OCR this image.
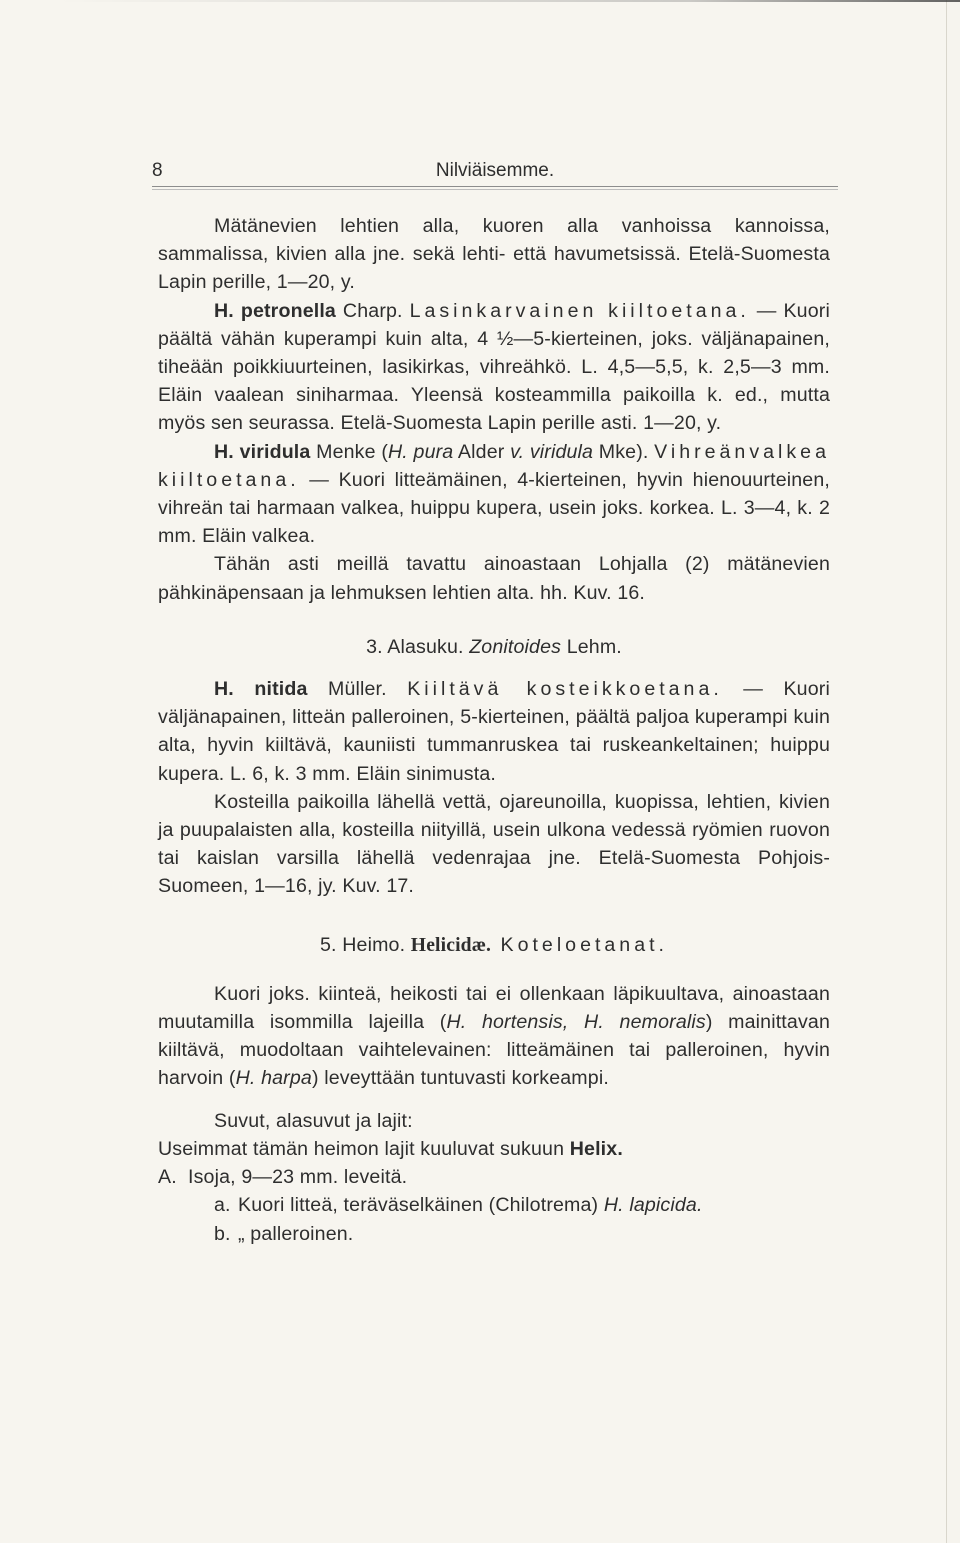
8	Nilviäisemme.

Mätänevien lehtien alla, kuoren alla vanhoissa kannoissa, sammalissa, kivien alla jne. sekä lehti- että havumetsissä. Etelä-Suomesta Lapin perille, 1—20, y.

H. petronella Charp. Lasinkarvainen kiiltoetana. — Kuori päältä vähän kuperampi kuin alta, 4 ½—5-kierteinen, joks. väljänapainen, tiheään poikkiuurteinen, lasikirkas, vihreähkö. L. 4,5—5,5, k. 2,5—3 mm. Eläin vaalean siniharmaa. Yleensä kosteammilla paikoilla k. ed., mutta myös sen seurassa. Etelä-Suomesta Lapin perille asti. 1—20, y.

H. viridula Menke (H. pura Alder v. viridula Mke). Vihreänvalkea kiiltoetana. — Kuori litteämäinen, 4-kierteinen, hyvin hienouurteinen, vihreän tai harmaan valkea, huippu kupera, usein joks. korkea. L. 3—4, k. 2 mm. Eläin valkea.

Tähän asti meillä tavattu ainoastaan Lohjalla (2) mätänevien pähkinäpensaan ja lehmuksen lehtien alta. hh. Kuv. 16.

3. Alasuku. Zonitoides Lehm.

H. nitida Müller. Kiiltävä kosteikkoetana. — Kuori väljänapainen, litteän palleroinen, 5-kierteinen, päältä paljoa kuperampi kuin alta, hyvin kiiltävä, kauniisti tummanruskea tai ruskeankeltainen; huippu kupera. L. 6, k. 3 mm. Eläin sinimusta.

Kosteilla paikoilla lähellä vettä, ojareunoilla, kuopissa, lehtien, kivien ja puupalaisten alla, kosteilla niityillä, usein ulkona vedessä ryömien ruovon tai kaislan varsilla lähellä vedenrajaa jne. Etelä-Suomesta Pohjois-Suomeen, 1—16, jy. Kuv. 17.

5. Heimo. Helicidæ. Koteloetanat.

Kuori joks. kiinteä, heikosti tai ei ollenkaan läpikuultava, ainoastaan muutamilla isommilla lajeilla (H. hortensis, H. nemoralis) mainittavan kiiltävä, muodoltaan vaihtelevainen: litteämäinen tai palleroinen, hyvin harvoin (H. harpa) leveyttään tuntuvasti korkeampi.

Suvut, alasuvut ja lajit:

Useimmat tämän heimon lajit kuuluvat sukuun Helix.

A. Isoja, 9—23 mm. leveitä.

a. Kuori litteä, teräväselkäinen (Chilotrema) H. lapicida.

b. „ palleroinen.
